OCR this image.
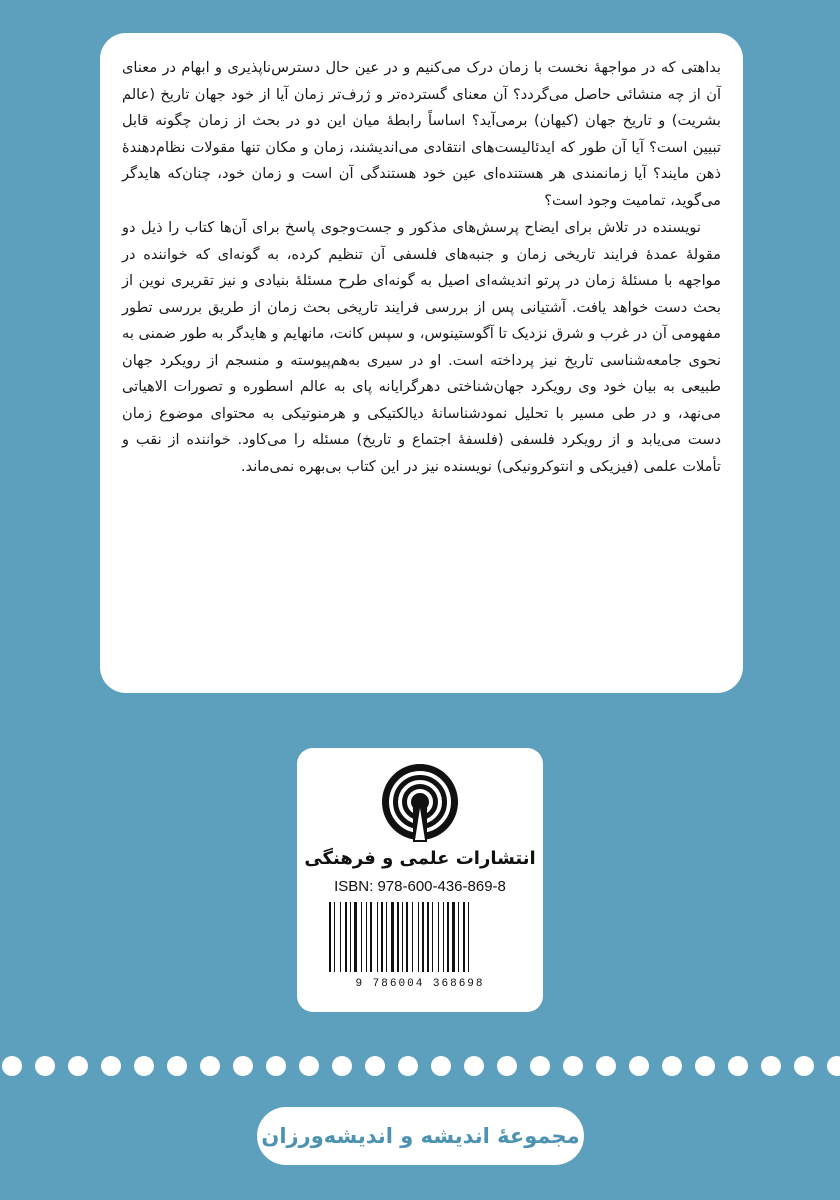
بداهتی که در مواجههٔ نخست با زمان درک می‌کنیم و در عین حال دسترس‌ناپذیری و ابهام در معنای آن از چه منشائی حاصل می‌گردد؟ آن معنای گسترده‌تر و ژرف‌تر زمان آیا از خود جهان تاریخ (عالم بشریت) و تاریخ جهان (کیهان) برمی‌آید؟ اساساً رابطهٔ میان این دو در بحث از زمان چگونه قابل تبیین است؟ آیا آن طور که ایدئالیست‌های انتقادی می‌اندیشند، زمان و مکان تنها مقولات نظام‌دهندهٔ ذهن مایند؟ آیا زمانمندی هر هستنده‌ای عین خود هستندگی آن است و زمان خود، چنان‌که هایدگر می‌گوید، تمامیت وجود است؟

نویسنده در تلاش برای ایضاح پرسش‌های مذکور و جست‌وجوی پاسخ برای آن‌ها کتاب را ذیل دو مقولهٔ عمدهٔ فرایند تاریخی زمان و جنبه‌های فلسفی آن تنظیم کرده، به گونه‌ای که خواننده در مواجهه با مسئلهٔ زمان در پرتو اندیشه‌ای اصیل به گونه‌ای طرح مسئلهٔ بنیادی و نیز تقریری نوین از بحث دست خواهد یافت. آشتیانی پس از بررسی فرایند تاریخی بحث زمان از طریق بررسی تطور مفهومی آن در غرب و شرق نزدیک تا آگوستینوس، و سپس کانت، مانهایم و هایدگر به طور ضمنی به نحوی جامعه‌شناسی تاریخ نیز پرداخته است. او در سیری به‌هم‌پیوسته و منسجم از رویکرد جهان طبیعی به بیان خود وی رویکرد جهان‌شناختی دهرگرایانه پای به عالم اسطوره و تصورات الاهیاتی می‌نهد، و در طی مسیر با تحلیل نمودشناسانهٔ دیالکتیکی و هرمنوتیکی به محتوای موضوع زمان دست می‌یابد و از رویکرد فلسفی (فلسفهٔ اجتماع و تاریخ) مسئله را می‌کاود. خواننده از نقب و تأملات علمی (فیزیکی و انتوکرونیکی) نویسنده نیز در این کتاب بی‌بهره نمی‌ماند.

انتشارات علمی و فرهنگی
ISBN: 978-600-436-869-8
9 786004 368698
مجموعهٔ اندیشه و اندیشه‌ورزان
